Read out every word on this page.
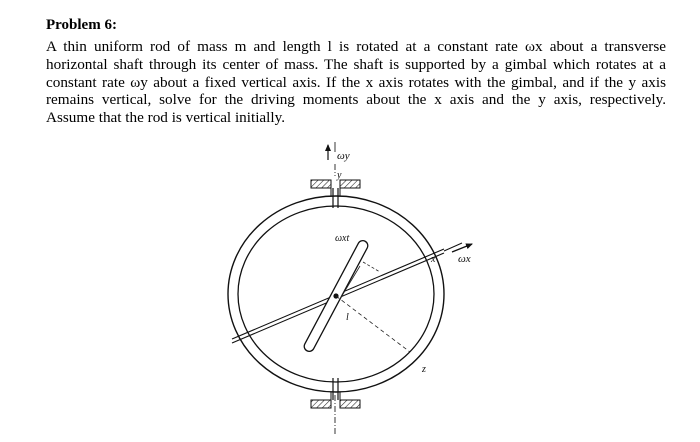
Problem 6:
A thin uniform rod of mass m and length l is rotated at a constant rate ωx about a transverse
horizontal shaft through its center of mass. The shaft is supported by a gimbal which rotates at a
constant rate ωy about a fixed vertical axis. If the x axis rotates with the gimbal, and if the y axis
remains vertical, solve for the driving moments about the x axis and the y axis, respectively.
Assume that the rod is vertical initially.
ωy
y
ωx
x
ωxt
l
z
